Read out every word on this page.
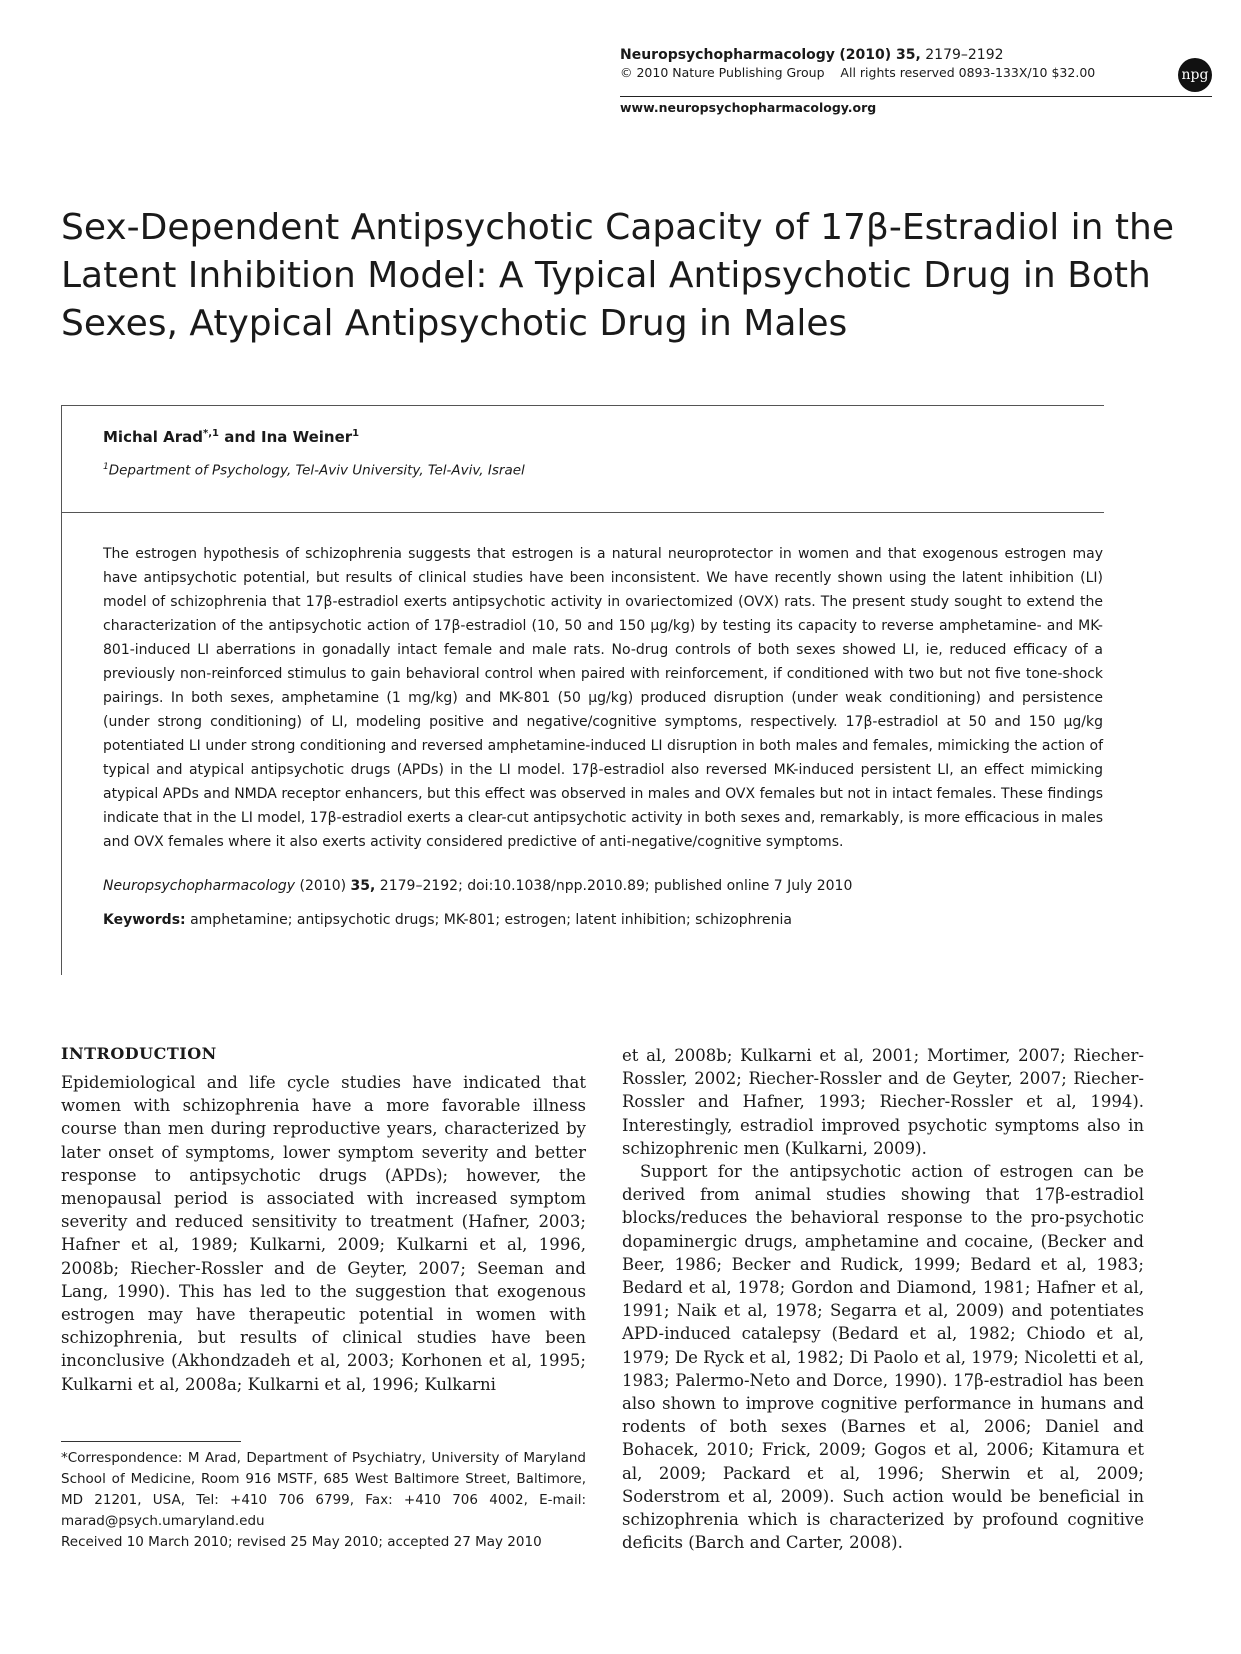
Neuropsychopharmacology (2010) 35, 2179–2192
© 2010 Nature Publishing Group    All rights reserved 0893-133X/10 $32.00	npg
www.neuropsychopharmacology.org
Sex-Dependent Antipsychotic Capacity of 17β-Estradiol in the Latent Inhibition Model: A Typical Antipsychotic Drug in Both Sexes, Atypical Antipsychotic Drug in Males
Michal Arad$^{*,1}$ and Ina Weiner$^1$
$^1$Department of Psychology, Tel-Aviv University, Tel-Aviv, Israel

The estrogen hypothesis of schizophrenia suggests that estrogen is a natural neuroprotector in women and that exogenous estrogen may have antipsychotic potential, but results of clinical studies have been inconsistent. We have recently shown using the latent inhibition (LI) model of schizophrenia that 17β-estradiol exerts antipsychotic activity in ovariectomized (OVX) rats. The present study sought to extend the characterization of the antipsychotic action of 17β-estradiol (10, 50 and 150 μg/kg) by testing its capacity to reverse amphetamine- and MK-801-induced LI aberrations in gonadally intact female and male rats. No-drug controls of both sexes showed LI, ie, reduced efficacy of a previously non-reinforced stimulus to gain behavioral control when paired with reinforcement, if conditioned with two but not five tone-shock pairings. In both sexes, amphetamine (1 mg/kg) and MK-801 (50 μg/kg) produced disruption (under weak conditioning) and persistence (under strong conditioning) of LI, modeling positive and negative/cognitive symptoms, respectively. 17β-estradiol at 50 and 150 μg/kg potentiated LI under strong conditioning and reversed amphetamine-induced LI disruption in both males and females, mimicking the action of typical and atypical antipsychotic drugs (APDs) in the LI model. 17β-estradiol also reversed MK-induced persistent LI, an effect mimicking atypical APDs and NMDA receptor enhancers, but this effect was observed in males and OVX females but not in intact females. These findings indicate that in the LI model, 17β-estradiol exerts a clear-cut antipsychotic activity in both sexes and, remarkably, is more efficacious in males and OVX females where it also exerts activity considered predictive of anti-negative/cognitive symptoms.

Neuropsychopharmacology (2010) 35, 2179–2192; doi:10.1038/npp.2010.89; published online 7 July 2010
Keywords: amphetamine; antipsychotic drugs; MK-801; estrogen; latent inhibition; schizophrenia
INTRODUCTION

Epidemiological and life cycle studies have indicated that women with schizophrenia have a more favorable illness course than men during reproductive years, characterized by later onset of symptoms, lower symptom severity and better response to antipsychotic drugs (APDs); however, the menopausal period is associated with increased symptom severity and reduced sensitivity to treatment (Hafner, 2003; Hafner et al, 1989; Kulkarni, 2009; Kulkarni et al, 1996, 2008b; Riecher-Rossler and de Geyter, 2007; Seeman and Lang, 1990). This has led to the suggestion that exogenous estrogen may have therapeutic potential in women with schizophrenia, but results of clinical studies have been inconclusive (Akhondzadeh et al, 2003; Korhonen et al, 1995; Kulkarni et al, 2008a; Kulkarni et al, 1996; Kulkarni

et al, 2008b; Kulkarni et al, 2001; Mortimer, 2007; Riecher-Rossler, 2002; Riecher-Rossler and de Geyter, 2007; Riecher-Rossler and Hafner, 1993; Riecher-Rossler et al, 1994). Interestingly, estradiol improved psychotic symptoms also in schizophrenic men (Kulkarni, 2009).

Support for the antipsychotic action of estrogen can be derived from animal studies showing that 17β-estradiol blocks/reduces the behavioral response to the pro-psychotic dopaminergic drugs, amphetamine and cocaine, (Becker and Beer, 1986; Becker and Rudick, 1999; Bedard et al, 1983; Bedard et al, 1978; Gordon and Diamond, 1981; Hafner et al, 1991; Naik et al, 1978; Segarra et al, 2009) and potentiates APD-induced catalepsy (Bedard et al, 1982; Chiodo et al, 1979; De Ryck et al, 1982; Di Paolo et al, 1979; Nicoletti et al, 1983; Palermo-Neto and Dorce, 1990). 17β-estradiol has been also shown to improve cognitive performance in humans and rodents of both sexes (Barnes et al, 2006; Daniel and Bohacek, 2010; Frick, 2009; Gogos et al, 2006; Kitamura et al, 2009; Packard et al, 1996; Sherwin et al, 2009; Soderstrom et al, 2009). Such action would be beneficial in schizophrenia which is characterized by profound cognitive deficits (Barch and Carter, 2008).

*Correspondence: M Arad, Department of Psychiatry, University of Maryland School of Medicine, Room 916 MSTF, 685 West Baltimore Street, Baltimore, MD 21201, USA, Tel: +410 706 6799, Fax: +410 706 4002, E-mail: marad@psych.umaryland.edu

Received 10 March 2010; revised 25 May 2010; accepted 27 May 2010
